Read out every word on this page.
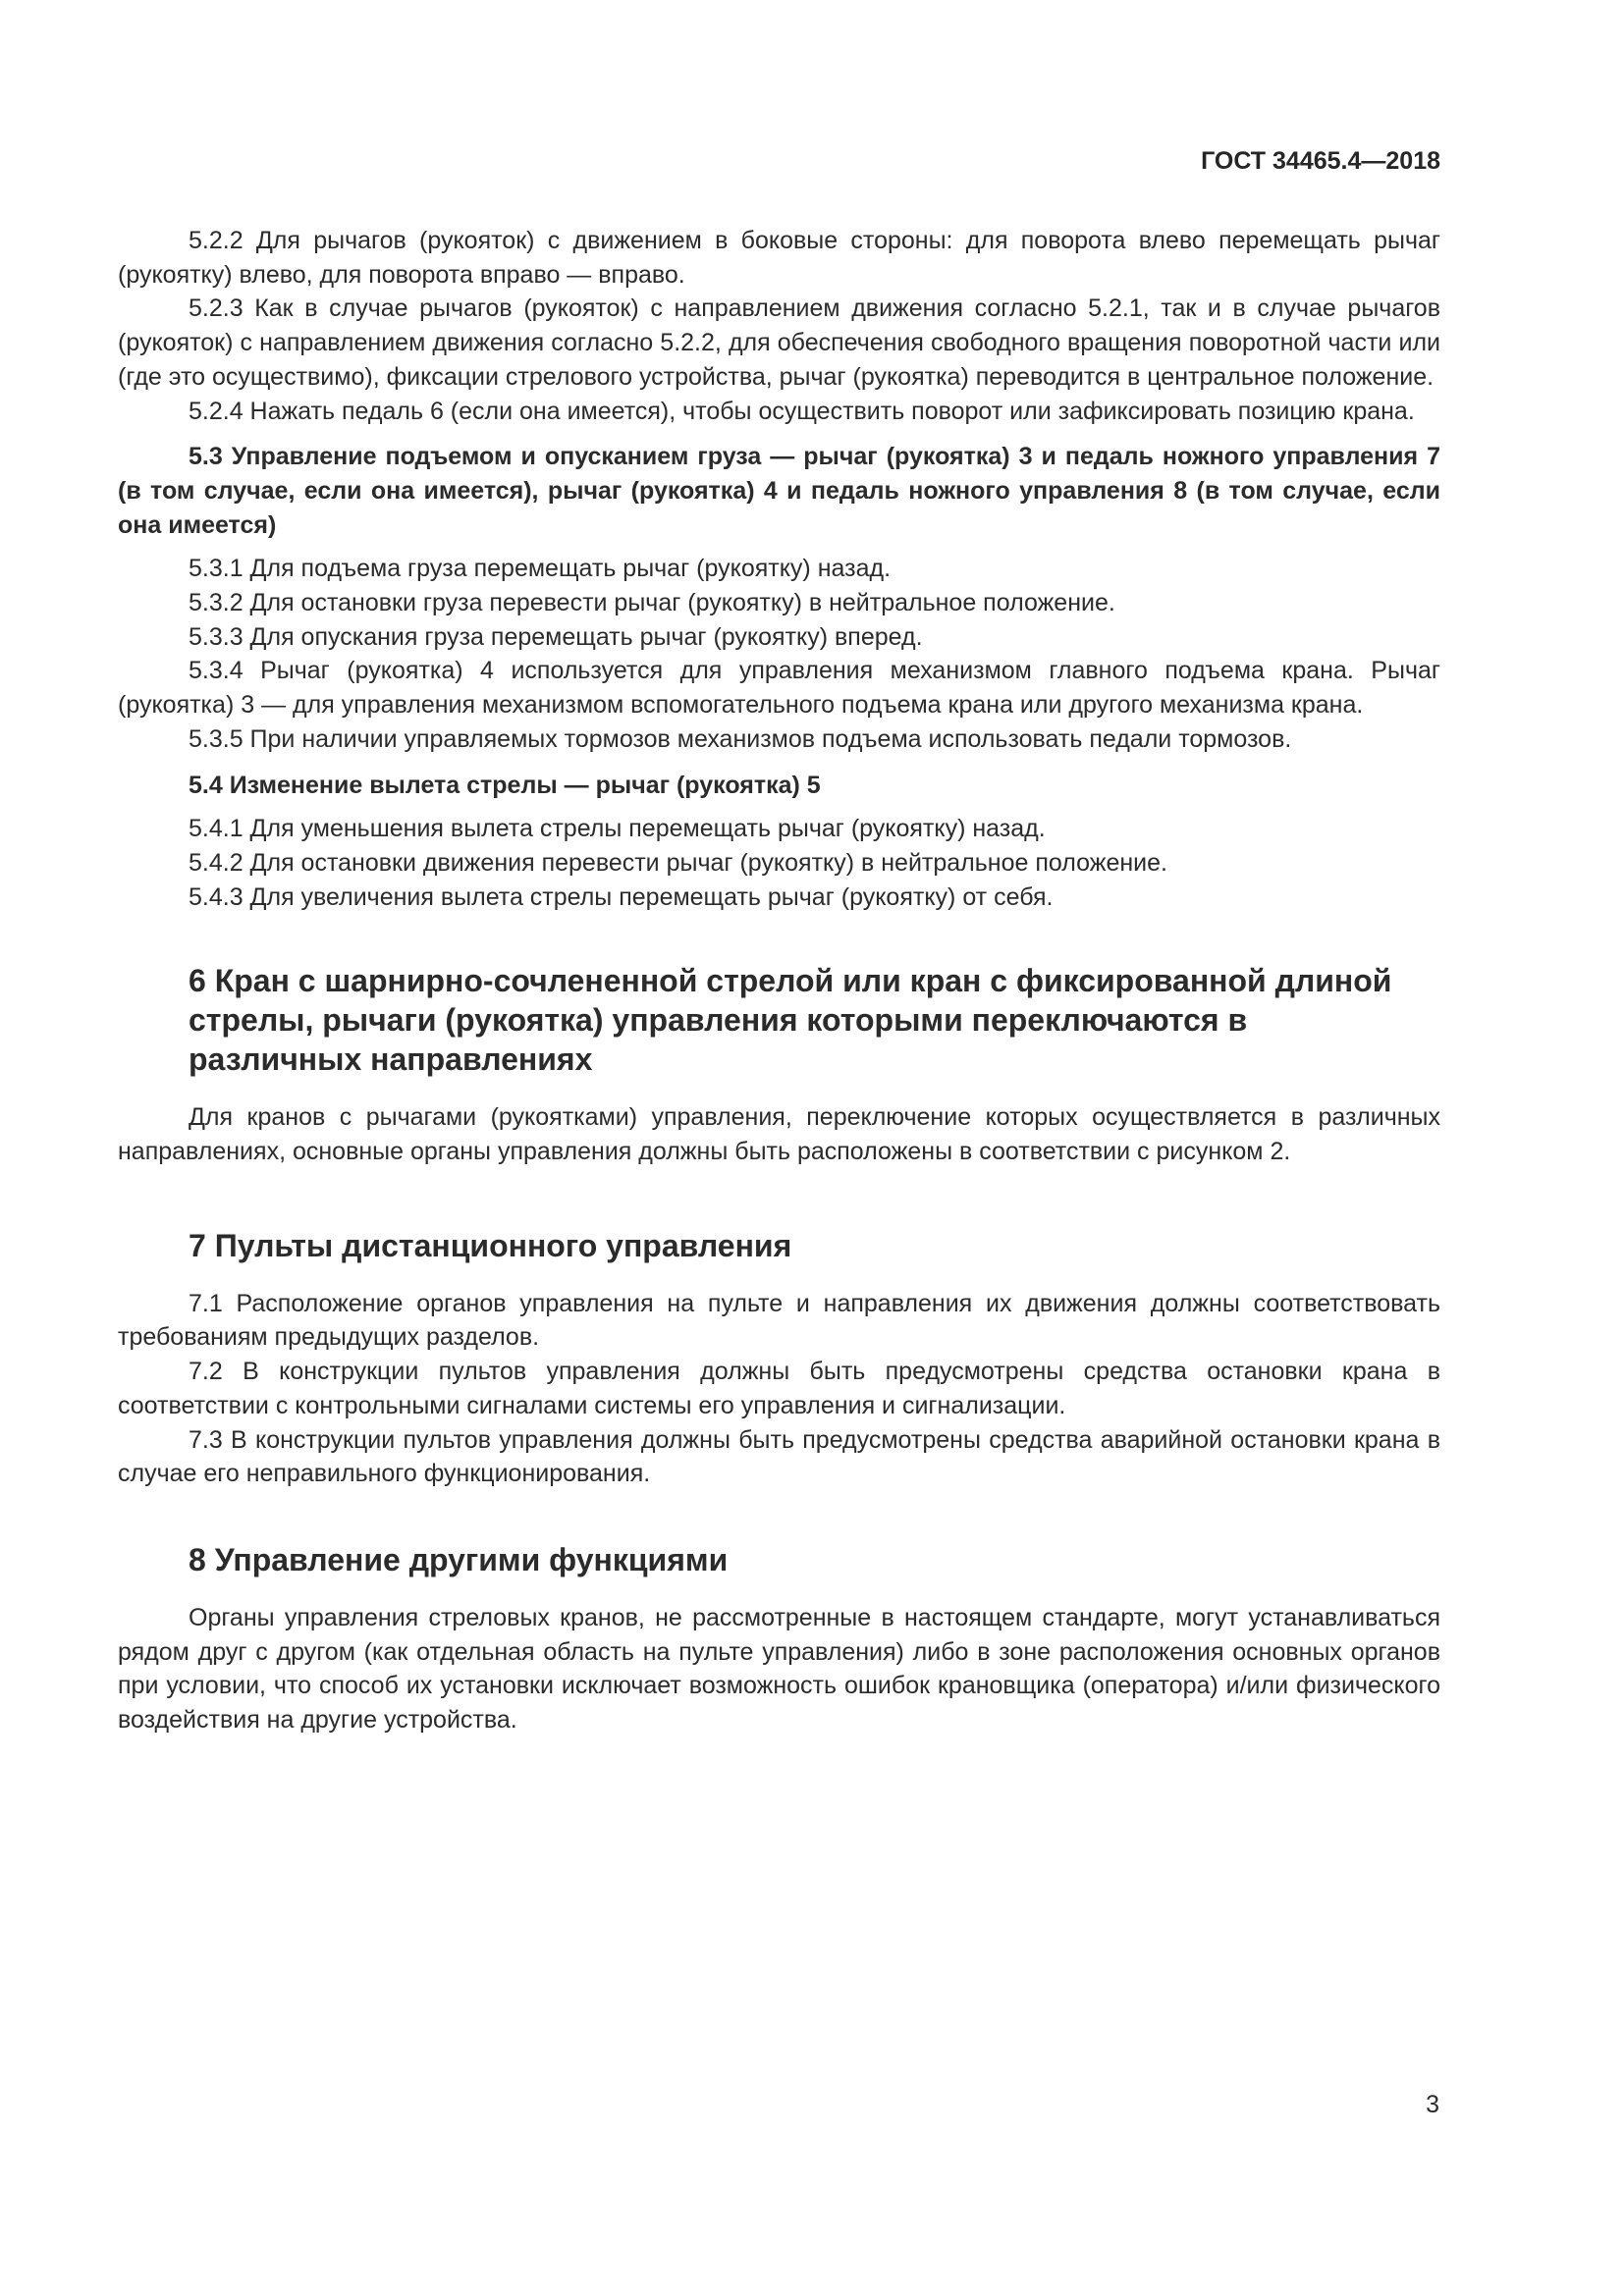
ГОСТ 34465.4—2018

5.2.2 Для рычагов (рукояток) с движением в боковые стороны: для поворота влево перемещать рычаг (рукоятку) влево, для поворота вправо — вправо.

5.2.3 Как в случае рычагов (рукояток) с направлением движения согласно 5.2.1, так и в случае рычагов (рукояток) с направлением движения согласно 5.2.2, для обеспечения свободного вращения поворотной части или (где это осуществимо), фиксации стрелового устройства, рычаг (рукоятка) переводится в центральное положение.

5.2.4 Нажать педаль 6 (если она имеется), чтобы осуществить поворот или зафиксировать позицию крана.

5.3 Управление подъемом и опусканием груза — рычаг (рукоятка) 3 и педаль ножного управления 7 (в том случае, если она имеется), рычаг (рукоятка) 4 и педаль ножного управления 8 (в том случае, если она имеется)

5.3.1 Для подъема груза перемещать рычаг (рукоятку) назад.

5.3.2 Для остановки груза перевести рычаг (рукоятку) в нейтральное положение.

5.3.3 Для опускания груза перемещать рычаг (рукоятку) вперед.

5.3.4 Рычаг (рукоятка) 4 используется для управления механизмом главного подъема крана. Рычаг (рукоятка) 3 — для управления механизмом вспомогательного подъема крана или другого механизма крана.

5.3.5 При наличии управляемых тормозов механизмов подъема использовать педали тормозов.

5.4 Изменение вылета стрелы — рычаг (рукоятка) 5

5.4.1 Для уменьшения вылета стрелы перемещать рычаг (рукоятку) назад.

5.4.2 Для остановки движения перевести рычаг (рукоятку) в нейтральное положение.

5.4.3 Для увеличения вылета стрелы перемещать рычаг (рукоятку) от себя.

6 Кран с шарнирно-сочлененной стрелой или кран с фиксированной длиной стрелы, рычаги (рукоятка) управления которыми переключаются в различных направлениях

Для кранов с рычагами (рукоятками) управления, переключение которых осуществляется в различных направлениях, основные органы управления должны быть расположены в соответствии с рисунком 2.

7 Пульты дистанционного управления

7.1 Расположение органов управления на пульте и направления их движения должны соответствовать требованиям предыдущих разделов.

7.2 В конструкции пультов управления должны быть предусмотрены средства остановки крана в соответствии с контрольными сигналами системы его управления и сигнализации.

7.3 В конструкции пультов управления должны быть предусмотрены средства аварийной остановки крана в случае его неправильного функционирования.

8 Управление другими функциями

Органы управления стреловых кранов, не рассмотренные в настоящем стандарте, могут устанавливаться рядом друг с другом (как отдельная область на пульте управления) либо в зоне расположения основных органов при условии, что способ их установки исключает возможность ошибок крановщика (оператора) и/или физического воздействия на другие устройства.

3
